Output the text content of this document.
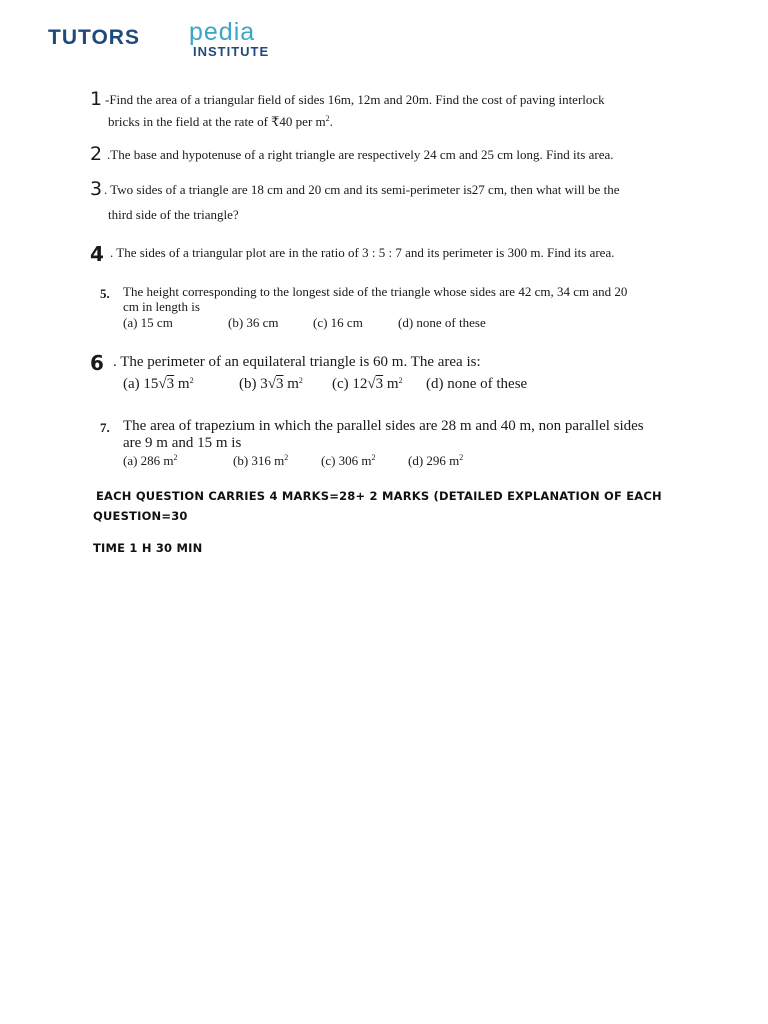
TUTORS pedia
INSTITUTE
1 -Find the area of a triangular field of sides 16m, 12m and 20m. Find the cost of paving interlock
bricks in the field at the rate of ₹40 per $m^2$.
2 .The base and hypotenuse of a right triangle are respectively 24 cm and 25 cm long. Find its area.
3 . Two sides of a triangle are 18 cm and 20 cm and its semi-perimeter is27 cm, then what will be the
third side of the triangle?
4 . The sides of a triangular plot are in the ratio of 3 : 5 : 7 and its perimeter is 300 m. Find its area.
5. The height corresponding to the longest side of the triangle whose sides are 42 cm, 34 cm and 20
cm in length is
(a) 15 cm	(b) 36 cm	(c) 16 cm	(d) none of these
6 . The perimeter of an equilateral triangle is 60 m. The area is:
(a) 15√3 $m^2$	(b) 3√3 $m^2$ (c) 12√3 $m^2$ (d) none of these
7. The area of trapezium in which the parallel sides are 28 m and 40 m, non parallel sides
are 9 m and 15 m is
(a) 286 $m^2$	(b) 316 $m^2$	(c) 306 $m^2$ (d) 296 $m^2$
EACH QUESTION CARRIES 4 MARKS=28+ 2 MARKS (DETAILED EXPLANATION OF EACH
QUESTION=30
TIME 1 H 30 MIN
